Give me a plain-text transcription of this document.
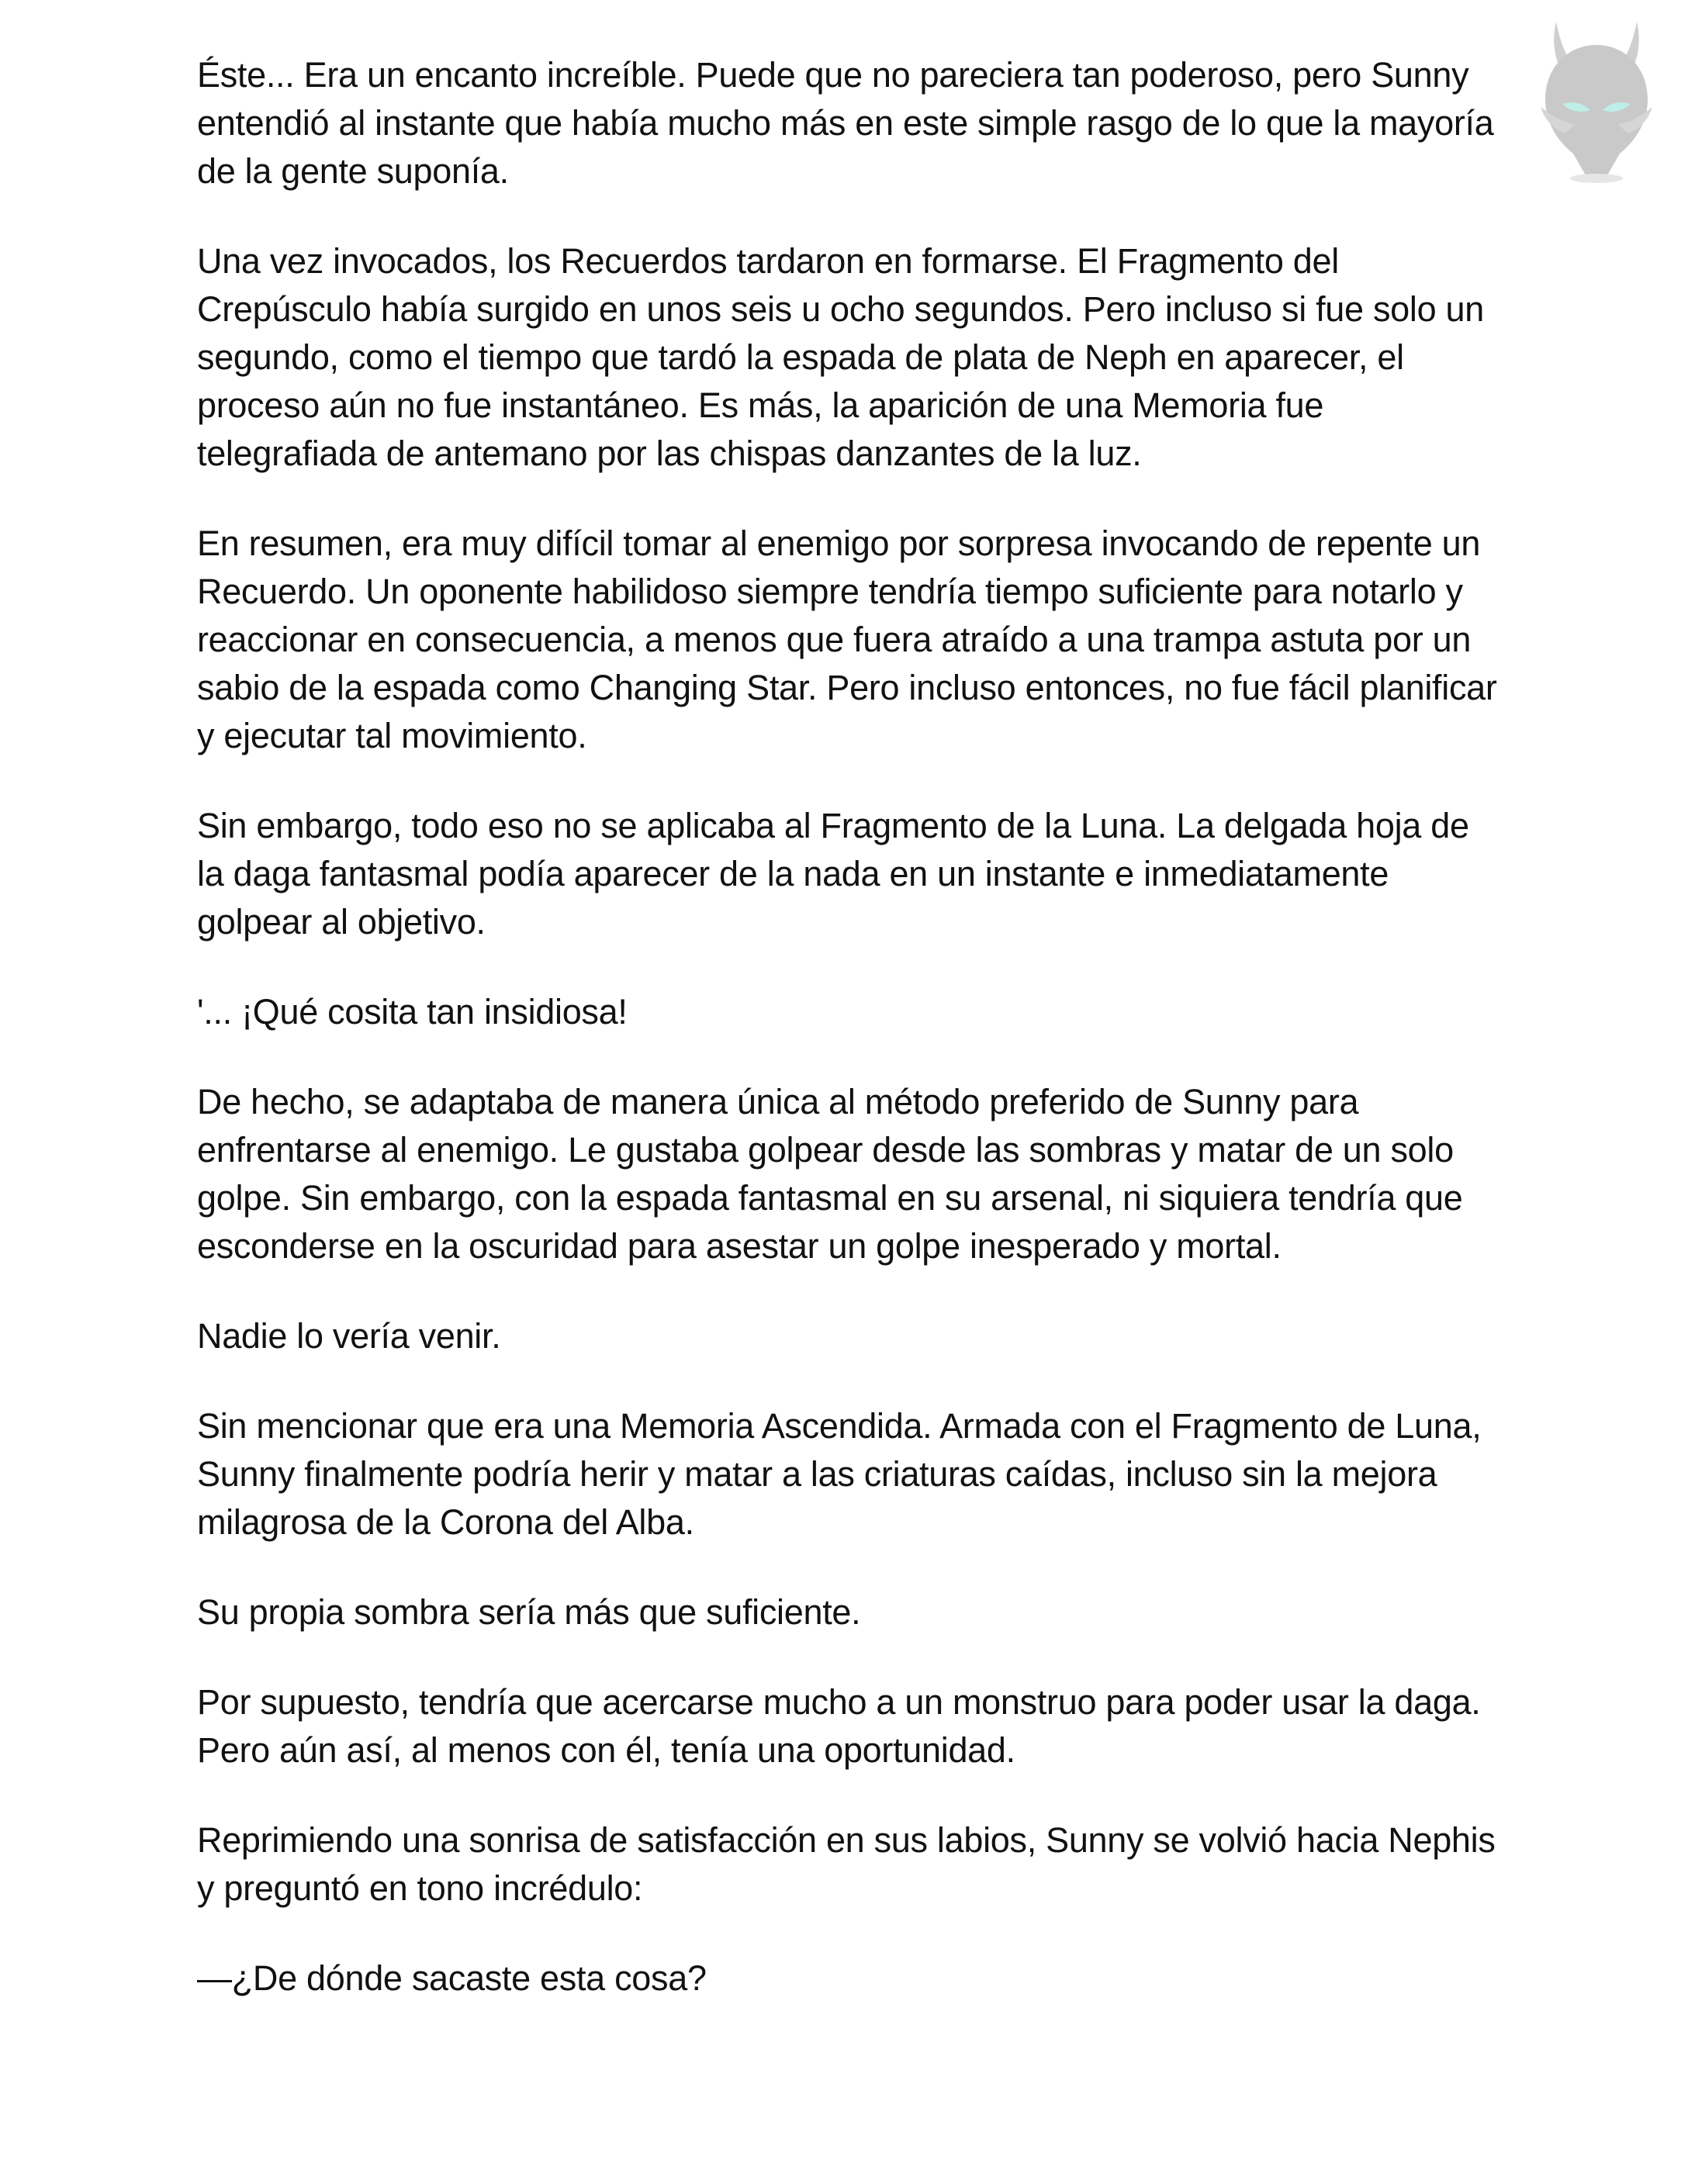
Éste... Era un encanto increíble. Puede que no pareciera tan poderoso, pero Sunny entendió al instante que había mucho más en este simple rasgo de lo que la mayoría de la gente suponía.

Una vez invocados, los Recuerdos tardaron en formarse. El Fragmento del Crepúsculo había surgido en unos seis u ocho segundos. Pero incluso si fue solo un segundo, como el tiempo que tardó la espada de plata de Neph en aparecer, el proceso aún no fue instantáneo. Es más, la aparición de una Memoria fue telegrafiada de antemano por las chispas danzantes de la luz.

En resumen, era muy difícil tomar al enemigo por sorpresa invocando de repente un Recuerdo. Un oponente habilidoso siempre tendría tiempo suficiente para notarlo y reaccionar en consecuencia, a menos que fuera atraído a una trampa astuta por un sabio de la espada como Changing Star. Pero incluso entonces, no fue fácil planificar y ejecutar tal movimiento.

Sin embargo, todo eso no se aplicaba al Fragmento de la Luna. La delgada hoja de la daga fantasmal podía aparecer de la nada en un instante e inmediatamente golpear al objetivo.

'... ¡Qué cosita tan insidiosa!

De hecho, se adaptaba de manera única al método preferido de Sunny para enfrentarse al enemigo. Le gustaba golpear desde las sombras y matar de un solo golpe. Sin embargo, con la espada fantasmal en su arsenal, ni siquiera tendría que esconderse en la oscuridad para asestar un golpe inesperado y mortal.

Nadie lo vería venir.

Sin mencionar que era una Memoria Ascendida. Armada con el Fragmento de Luna, Sunny finalmente podría herir y matar a las criaturas caídas, incluso sin la mejora milagrosa de la Corona del Alba.

Su propia sombra sería más que suficiente.

Por supuesto, tendría que acercarse mucho a un monstruo para poder usar la daga. Pero aún así, al menos con él, tenía una oportunidad.

Reprimiendo una sonrisa de satisfacción en sus labios, Sunny se volvió hacia Nephis y preguntó en tono incrédulo:

—¿De dónde sacaste esta cosa?
